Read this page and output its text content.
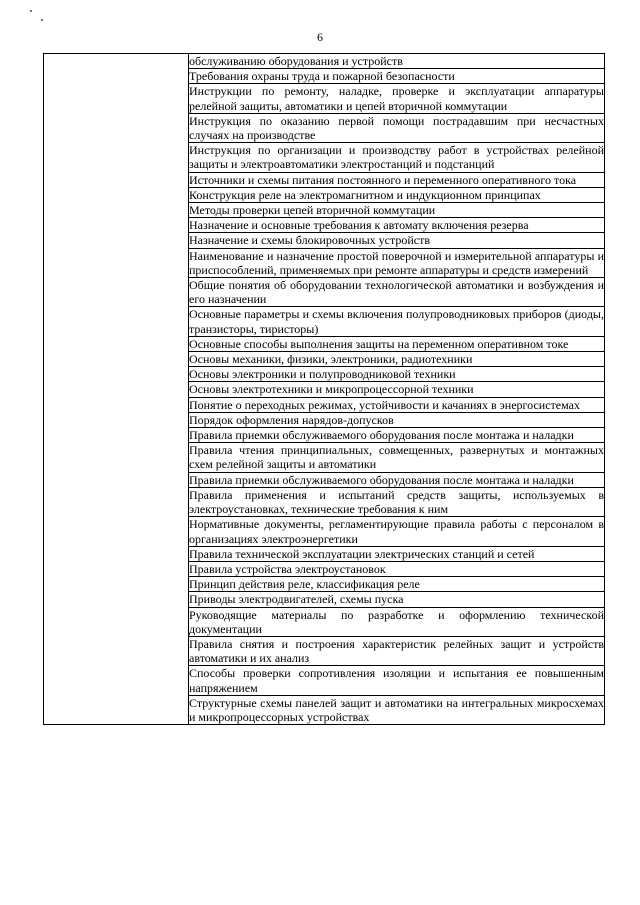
6
	обслуживанию оборудования и устройств
Требования охраны труда и пожарной безопасности
Инструкции по ремонту, наладке, проверке и эксплуатации аппаратуры релейной защиты, автоматики и цепей вторичной коммутации
Инструкция по оказанию первой помощи пострадавшим при несчастных случаях на производстве
Инструкция по организации и производству работ в устройствах релейной защиты и электроавтоматики электростанций и подстанций
Источники и схемы питания постоянного и переменного оперативного тока
Конструкция реле на электромагнитном и индукционном принципах
Методы проверки цепей вторичной коммутации
Назначение и основные требования к автомату включения резерва
Назначение и схемы блокировочных устройств
Наименование и назначение простой поверочной и измерительной аппаратуры и приспособлений, применяемых при ремонте аппаратуры и средств измерений
Общие понятия об оборудовании технологической автоматики и возбуждения и его назначении
Основные параметры и схемы включения полупроводниковых приборов (диоды, транзисторы, тиристоры)
Основные способы выполнения защиты на переменном оперативном токе
Основы механики, физики, электроники, радиотехники
Основы электроники и полупроводниковой техники
Основы электротехники и микропроцессорной техники
Понятие о переходных режимах, устойчивости и качаниях в энергосистемах
Порядок оформления нарядов-допусков
Правила приемки обслуживаемого оборудования после монтажа и наладки
Правила чтения принципиальных, совмещенных, развернутых и монтажных схем релейной защиты и автоматики
Правила приемки обслуживаемого оборудования после монтажа и наладки
Правила применения и испытаний средств защиты, используемых в электроустановках, технические требования к ним
Нормативные документы, регламентирующие правила работы с персоналом в организациях электроэнергетики
Правила технической эксплуатации электрических станций и сетей
Правила устройства электроустановок
Принцип действия реле, классификация реле
Приводы электродвигателей, схемы пуска
Руководящие материалы по разработке и оформлению технической документации
Правила снятия и построения характеристик релейных защит и устройств автоматики и их анализ
Способы проверки сопротивления изоляции и испытания ее повышенным напряжением
Структурные схемы панелей защит и автоматики на интегральных микросхемах и микропроцессорных устройствах
